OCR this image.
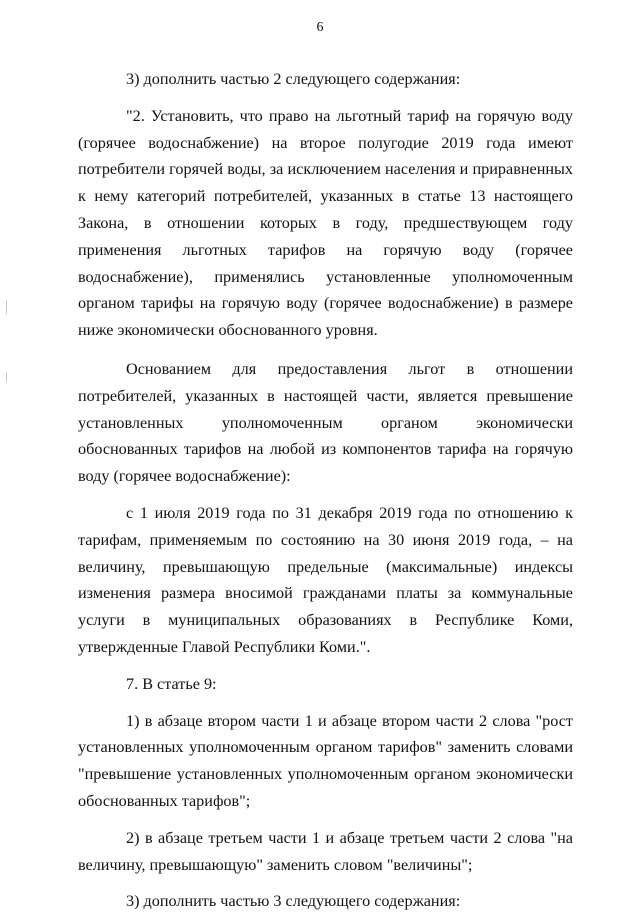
6

3) дополнить частью 2 следующего содержания:

"2. Установить, что право на льготный тариф на горячую воду (горячее водоснабжение) на второе полугодие 2019 года имеют потребители горячей воды, за исключением населения и приравненных к нему категорий потребителей, указанных в статье 13 настоящего Закона, в отношении которых в году, предшествующем году применения льготных тарифов на горячую воду (горячее водоснабжение), применялись установленные уполномоченным органом тарифы на горячую воду (горячее водоснабжение) в размере ниже экономически обоснованного уровня.

Основанием для предоставления льгот в отношении потребителей, указанных в настоящей части, является превышение установленных уполномоченным органом экономически обоснованных тарифов на любой из компонентов тарифа на горячую воду (горячее водоснабжение):

с 1 июля 2019 года по 31 декабря 2019 года по отношению к тарифам, применяемым по состоянию на 30 июня 2019 года, – на величину, превышающую предельные (максимальные) индексы изменения размера вносимой гражданами платы за коммунальные услуги в муниципальных образованиях в Республике Коми, утвержденные Главой Республики Коми.".

7. В статье 9:

1) в абзаце втором части 1 и абзаце втором части 2 слова "рост установленных уполномоченным органом тарифов" заменить словами "превышение установленных уполномоченным органом экономически обоснованных тарифов";

2) в абзаце третьем части 1 и абзаце третьем части 2 слова "на величину, превышающую" заменить словом "величины";

3) дополнить частью 3 следующего содержания:
